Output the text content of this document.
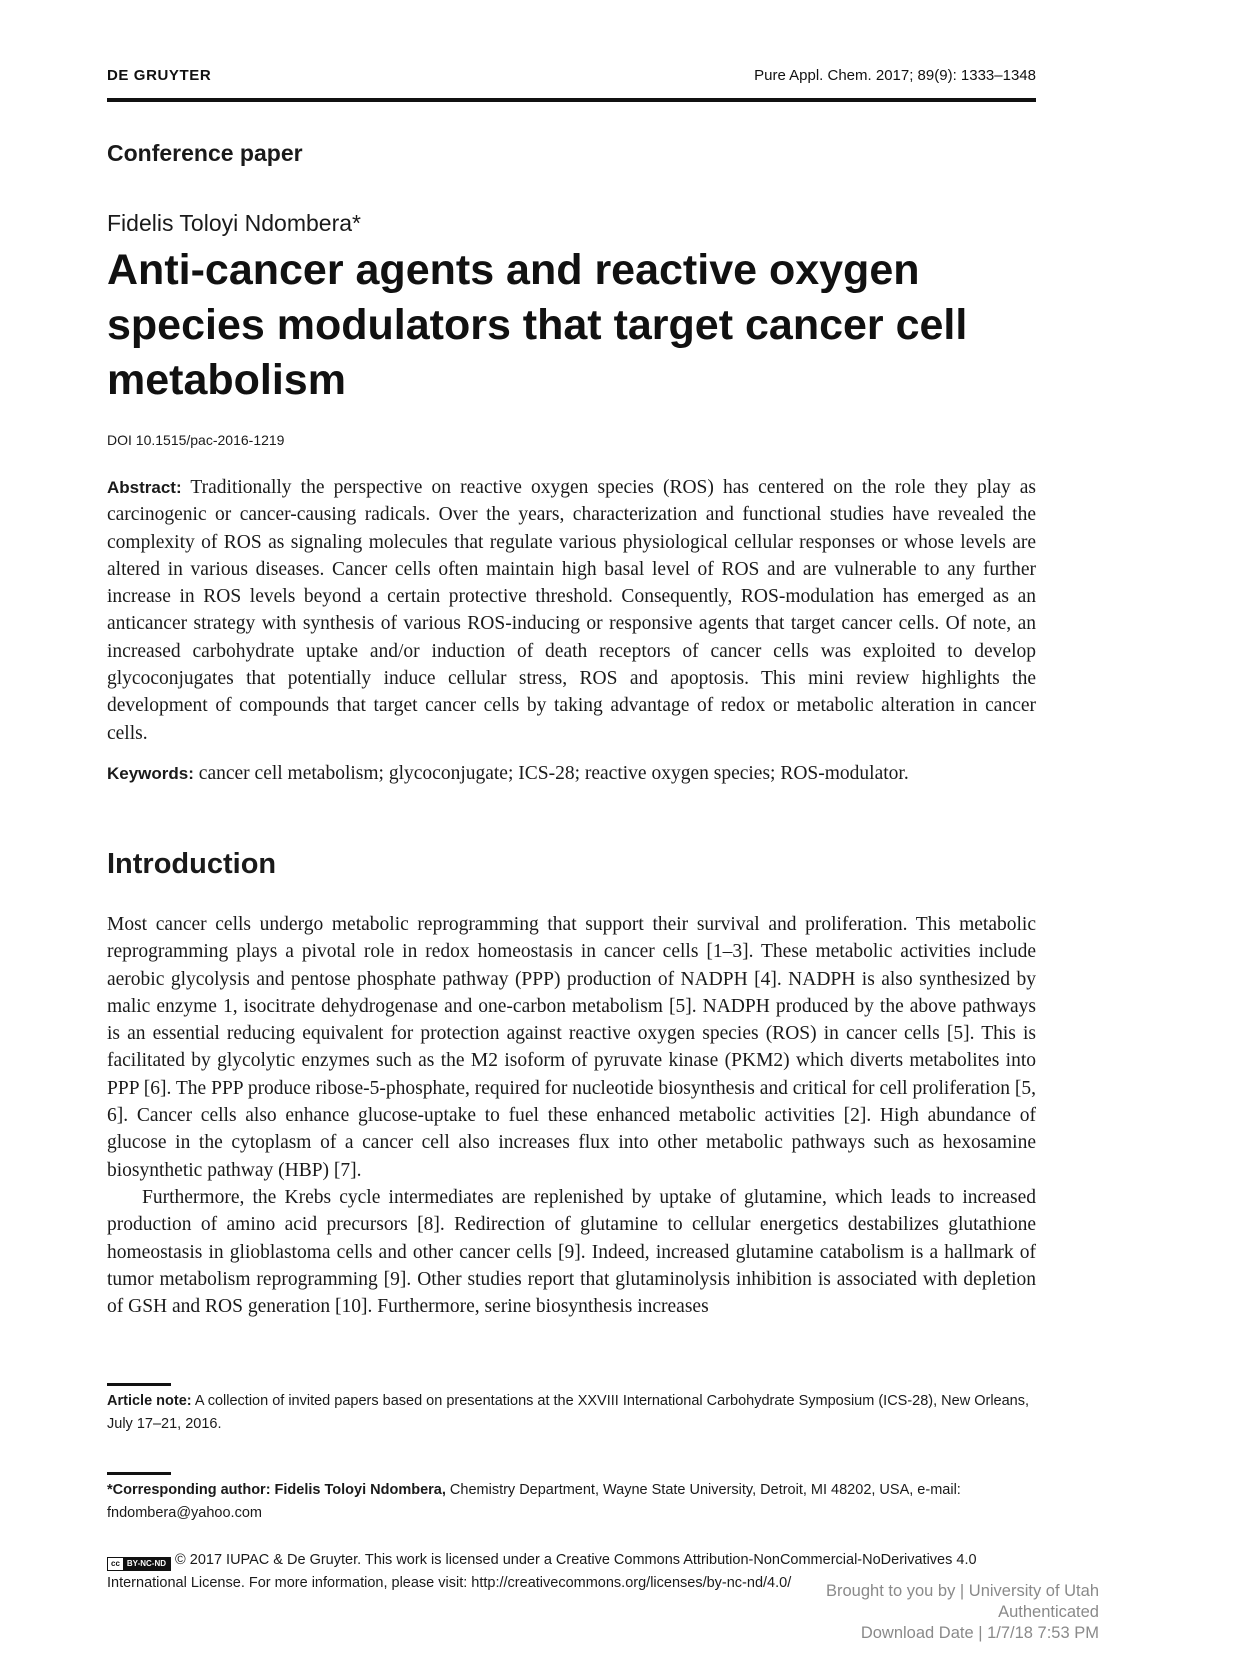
DE GRUYTER	Pure Appl. Chem. 2017; 89(9): 1333–1348
Conference paper
Fidelis Toloyi Ndombera*
Anti-cancer agents and reactive oxygen species modulators that target cancer cell metabolism
DOI 10.1515/pac-2016-1219

Abstract: Traditionally the perspective on reactive oxygen species (ROS) has centered on the role they play as carcinogenic or cancer-causing radicals. Over the years, characterization and functional studies have revealed the complexity of ROS as signaling molecules that regulate various physiological cellular responses or whose levels are altered in various diseases. Cancer cells often maintain high basal level of ROS and are vulnerable to any further increase in ROS levels beyond a certain protective threshold. Consequently, ROS-modulation has emerged as an anticancer strategy with synthesis of various ROS-inducing or responsive agents that target cancer cells. Of note, an increased carbohydrate uptake and/or induction of death receptors of cancer cells was exploited to develop glycoconjugates that potentially induce cellular stress, ROS and apoptosis. This mini review highlights the development of compounds that target cancer cells by taking advantage of redox or metabolic alteration in cancer cells.

Keywords: cancer cell metabolism; glycoconjugate; ICS-28; reactive oxygen species; ROS-modulator.

Introduction

Most cancer cells undergo metabolic reprogramming that support their survival and proliferation. This metabolic reprogramming plays a pivotal role in redox homeostasis in cancer cells [1–3]. These metabolic activities include aerobic glycolysis and pentose phosphate pathway (PPP) production of NADPH [4]. NADPH is also synthesized by malic enzyme 1, isocitrate dehydrogenase and one-carbon metabolism [5]. NADPH produced by the above pathways is an essential reducing equivalent for protection against reactive oxygen species (ROS) in cancer cells [5]. This is facilitated by glycolytic enzymes such as the M2 isoform of pyruvate kinase (PKM2) which diverts metabolites into PPP [6]. The PPP produce ribose-5-phosphate, required for nucleotide biosynthesis and critical for cell proliferation [5, 6]. Cancer cells also enhance glucose-uptake to fuel these enhanced metabolic activities [2]. High abundance of glucose in the cytoplasm of a cancer cell also increases flux into other metabolic pathways such as hexosamine biosynthetic pathway (HBP) [7].

Furthermore, the Krebs cycle intermediates are replenished by uptake of glutamine, which leads to increased production of amino acid precursors [8]. Redirection of glutamine to cellular energetics destabilizes glutathione homeostasis in glioblastoma cells and other cancer cells [9]. Indeed, increased glutamine catabolism is a hallmark of tumor metabolism reprogramming [9]. Other studies report that glutaminolysis inhibition is associated with depletion of GSH and ROS generation [10]. Furthermore, serine biosynthesis increases

Article note: A collection of invited papers based on presentations at the XXVIII International Carbohydrate Symposium (ICS-28), New Orleans, July 17–21, 2016.

*Corresponding author: Fidelis Toloyi Ndombera, Chemistry Department, Wayne State University, Detroit, MI 48202, USA, e-mail: fndombera@yahoo.com

cc BY-NC-ND © 2017 IUPAC & De Gruyter. This work is licensed under a Creative Commons Attribution-NonCommercial-NoDerivatives 4.0 International License. For more information, please visit: http://creativecommons.org/licenses/by-nc-nd/4.0/	Brought to you by | University of Utah
Authenticated
Download Date | 1/7/18 7:53 PM
